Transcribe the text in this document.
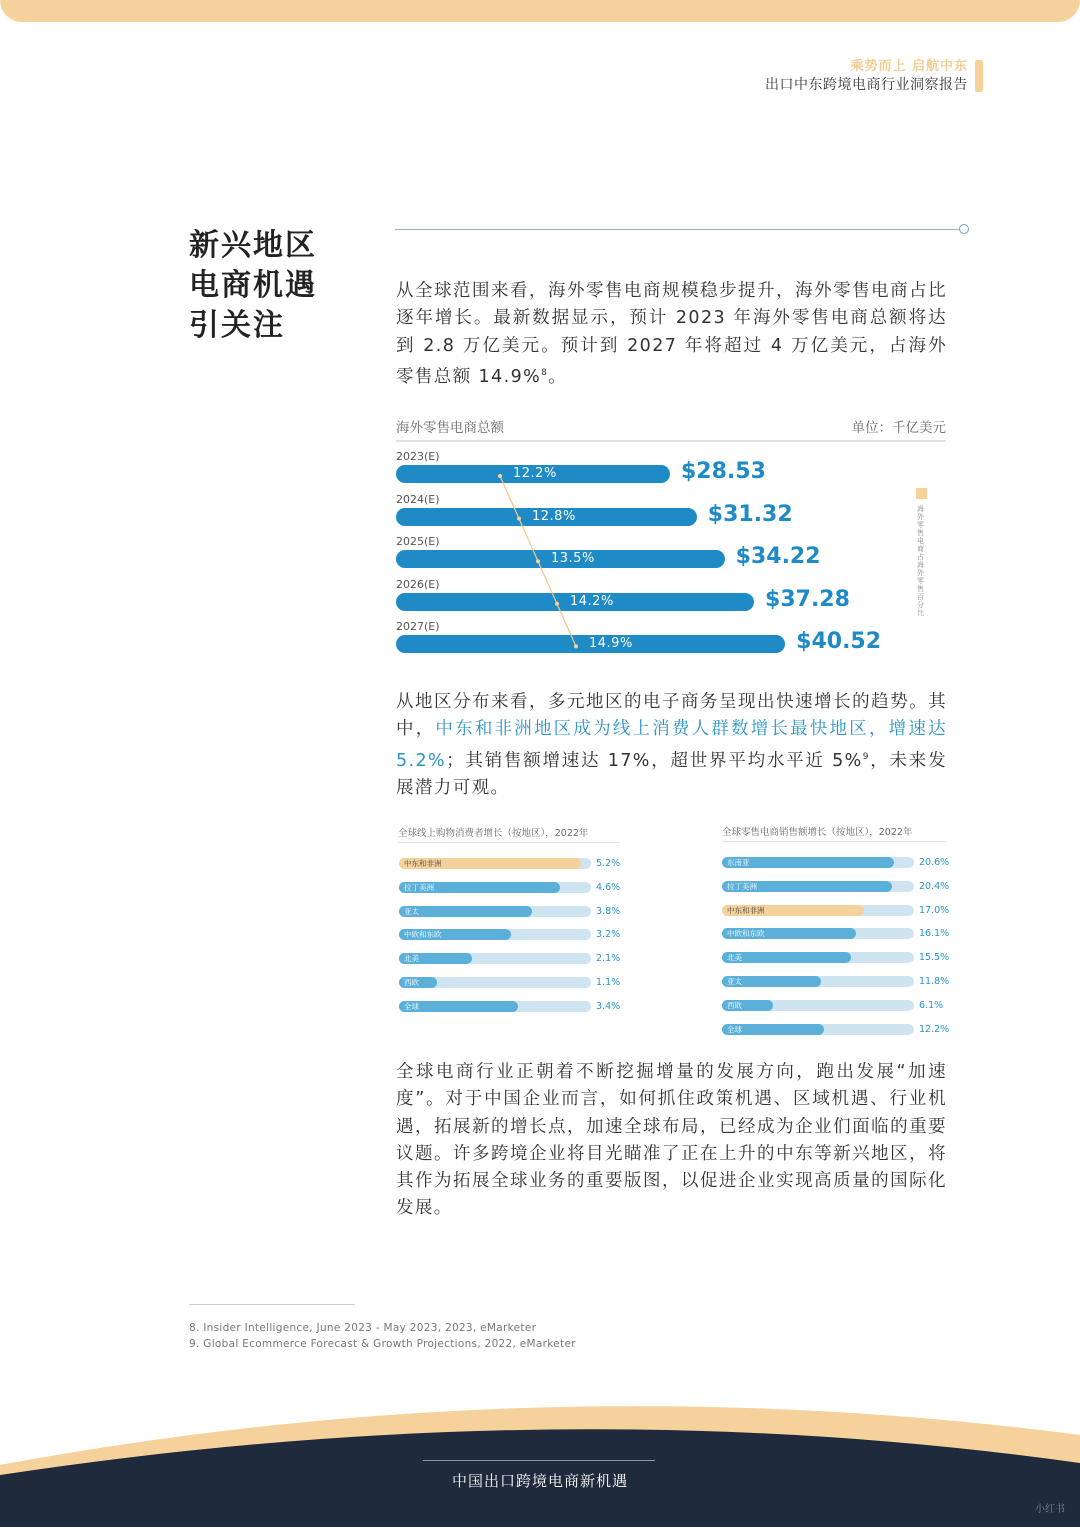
乘势而上 启航中东
出口中东跨境电商行业洞察报告
新兴地区
电商机遇
引关注
从全球范围来看，海外零售电商规模稳步提升，海外零售电商占比逐年增长。最新数据显示，预计 2023 年海外零售电商总额将达到 2.8 万亿美元。预计到 2027 年将超过 4 万亿美元，占海外零售总额 14.9%$^8$。
海外零售电商总额	单位：千亿美元
2023(E)
12.2%	$28.53
2024(E)
12.8%	$31.32
2025(E)
13.5%	$34.22
2026(E)
14.2%	$37.28
2027(E)
14.9%	$40.52
海外零售电商占海外零售百分比
从地区分布来看，多元地区的电子商务呈现出快速增长的趋势。其中，中东和非洲地区成为线上消费人群数增长最快地区，增速达 5.2%；其销售额增速达 17%，超世界平均水平近 5%$^9$，未来发展潜力可观。
全球线上购物消费者增长（按地区），2022年
中东和非洲	5.2%
拉丁美洲	4.6%
亚太	3.8%
中欧和东欧	3.2%
北美	2.1%
西欧	1.1%
全球	3.4%
全球零售电商销售额增长（按地区），2022年
东南亚	20.6%
拉丁美洲	20.4%
中东和非洲	17.0%
中欧和东欧	16.1%
北美	15.5%
亚太	11.8%
西欧	6.1%
全球	12.2%
全球电商行业正朝着不断挖掘增量的发展方向，跑出发展“加速度”。对于中国企业而言，如何抓住政策机遇、区域机遇、行业机遇，拓展新的增长点，加速全球布局，已经成为企业们面临的重要议题。许多跨境企业将目光瞄准了正在上升的中东等新兴地区，将其作为拓展全球业务的重要版图，以促进企业实现高质量的国际化发展。
8. Insider Intelligence, June 2023 - May 2023, 2023, eMarketer
9. Global Ecommerce Forecast & Growth Projections, 2022, eMarketer
中国出口跨境电商新机遇
小红书
